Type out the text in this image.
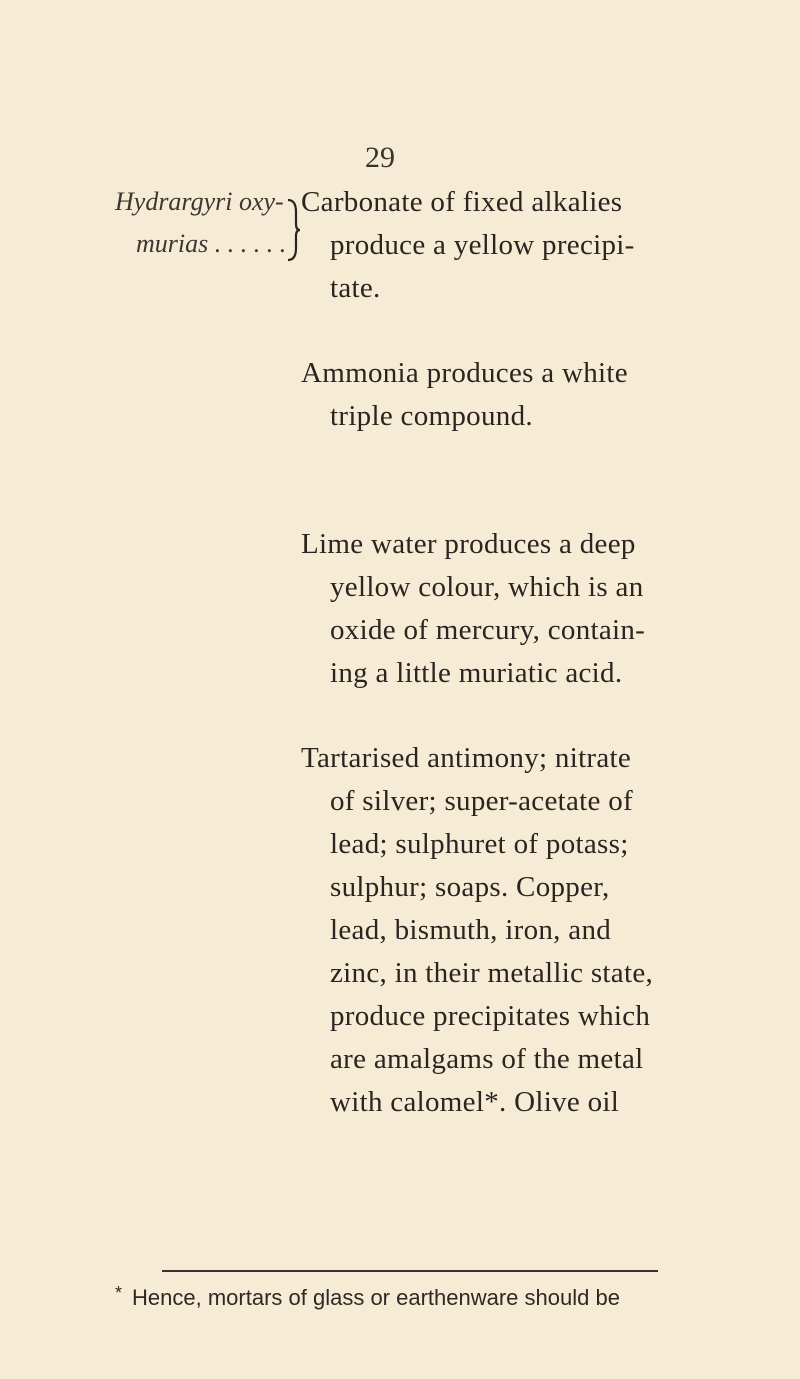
29
Hydrargyri oxy-
murias . . . . . .
Carbonate of fixed alkalies
produce a yellow precipi-
tate.
Ammonia produces a white
triple compound.
Lime water produces a deep
yellow colour, which is an
oxide of mercury, contain-
ing a little muriatic acid.
Tartarised antimony; nitrate
of silver; super-acetate of
lead; sulphuret of potass;
sulphur; soaps. Copper,
lead, bismuth, iron, and
zinc, in their metallic state,
produce precipitates which
are amalgams of the metal
with calomel*. Olive oil
* Hence, mortars of glass or earthenware should be
